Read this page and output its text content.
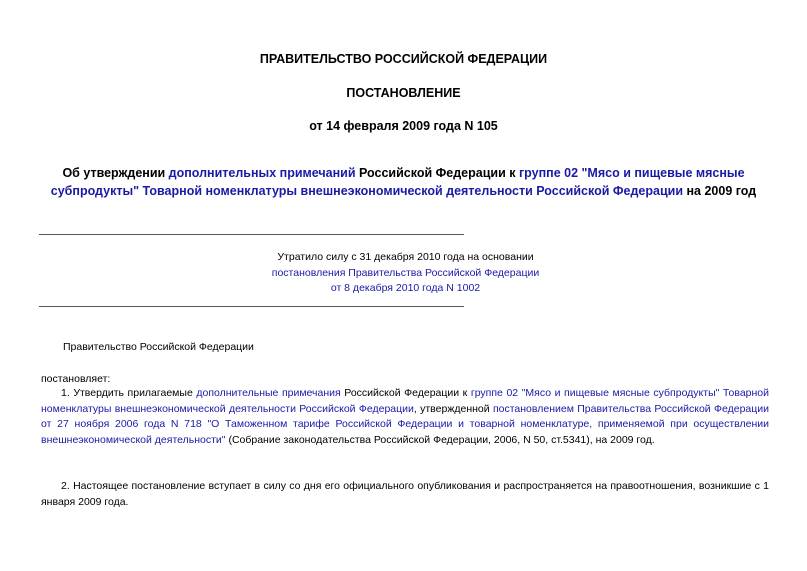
ПРАВИТЕЛЬСТВО РОССИЙСКОЙ ФЕДЕРАЦИИ
ПОСТАНОВЛЕНИЕ
от 14 февраля 2009 года N 105
Об утверждении дополнительных примечаний Российской Федерации к группе 02 "Мясо и пищевые мясные субпродукты" Товарной номенклатуры внешнеэкономической деятельности Российской Федерации на 2009 год
Утратило силу с 31 декабря 2010 года на основании
постановления Правительства Российской Федерации
от 8 декабря 2010 года N 1002
Правительство Российской Федерации
постановляет:
1. Утвердить прилагаемые дополнительные примечания Российской Федерации к группе 02 "Мясо и пищевые мясные субпродукты" Товарной номенклатуры внешнеэкономической деятельности Российской Федерации, утвержденной постановлением Правительства Российской Федерации от 27 ноября 2006 года N 718 "О Таможенном тарифе Российской Федерации и товарной номенклатуре, применяемой при осуществлении внешнеэкономической деятельности" (Собрание законодательства Российской Федерации, 2006, N 50, ст.5341), на 2009 год.
2. Настоящее постановление вступает в силу со дня его официального опубликования и распространяется на правоотношения, возникшие с 1 января 2009 года.
